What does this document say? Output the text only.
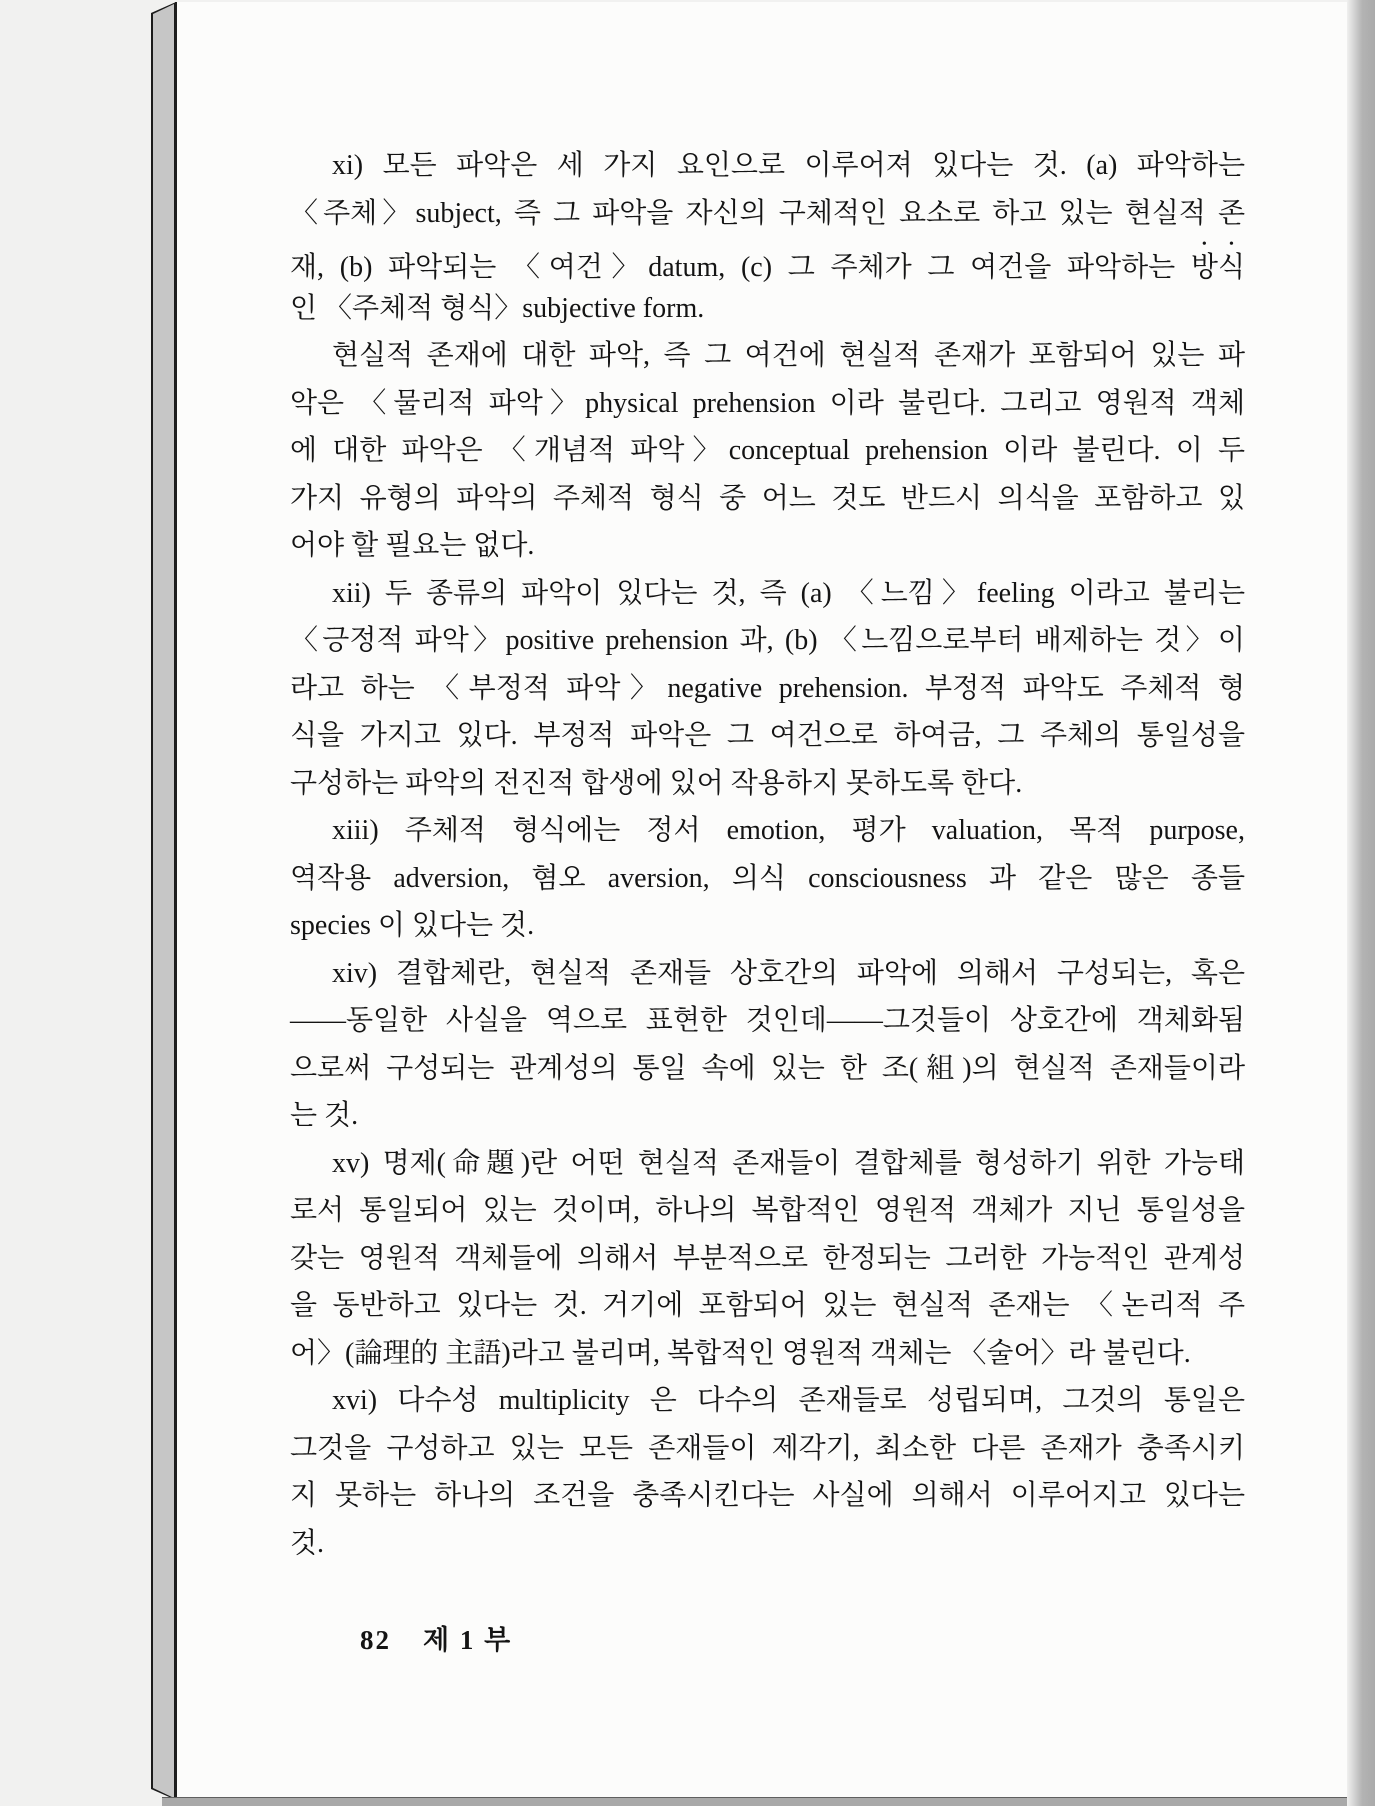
xi) 모든 파악은 세 가지 요인으로 이루어져 있다는 것. (a) 파악하는
〈주체〉subject, 즉 그 파악을 자신의 구체적인 요소로 하고 있는 현실적 존
재, (b) 파악되는 〈여건〉datum, (c) 그 주체가 그 여건을 파악하는 방식
인 〈주체적 형식〉subjective form.
현실적 존재에 대한 파악, 즉 그 여건에 현실적 존재가 포함되어 있는 파
악은 〈물리적 파악〉physical prehension 이라 불린다. 그리고 영원적 객체
에 대한 파악은 〈개념적 파악〉conceptual prehension 이라 불린다. 이 두
가지 유형의 파악의 주체적 형식 중 어느 것도 반드시 의식을 포함하고 있
어야 할 필요는 없다.
xii) 두 종류의 파악이 있다는 것, 즉 (a) 〈느낌〉feeling 이라고 불리는
〈긍정적 파악〉positive prehension 과, (b) 〈느낌으로부터 배제하는 것〉이
라고 하는 〈부정적 파악〉negative prehension. 부정적 파악도 주체적 형
식을 가지고 있다. 부정적 파악은 그 여건으로 하여금, 그 주체의 통일성을
구성하는 파악의 전진적 합생에 있어 작용하지 못하도록 한다.
xiii) 주체적 형식에는 정서 emotion, 평가 valuation, 목적 purpose,
역작용 adversion, 혐오 aversion, 의식 consciousness 과 같은 많은 종들
species 이 있다는 것.
xiv) 결합체란, 현실적 존재들 상호간의 파악에 의해서 구성되는, 혹은
——동일한 사실을 역으로 표현한 것인데——그것들이 상호간에 객체화됨
으로써 구성되는 관계성의 통일 속에 있는 한 조(組)의 현실적 존재들이라
는 것.
xv) 명제(命題)란 어떤 현실적 존재들이 결합체를 형성하기 위한 가능태
로서 통일되어 있는 것이며, 하나의 복합적인 영원적 객체가 지닌 통일성을
갖는 영원적 객체들에 의해서 부분적으로 한정되는 그러한 가능적인 관계성
을 동반하고 있다는 것. 거기에 포함되어 있는 현실적 존재는 〈논리적 주
어〉(論理的 主語)라고 불리며, 복합적인 영원적 객체는 〈술어〉라 불린다.
xvi) 다수성 multiplicity 은 다수의 존재들로 성립되며, 그것의 통일은
그것을 구성하고 있는 모든 존재들이 제각기, 최소한 다른 존재가 충족시키
지 못하는 하나의 조건을 충족시킨다는 사실에 의해서 이루어지고 있다는
것.
82 제 1 부
